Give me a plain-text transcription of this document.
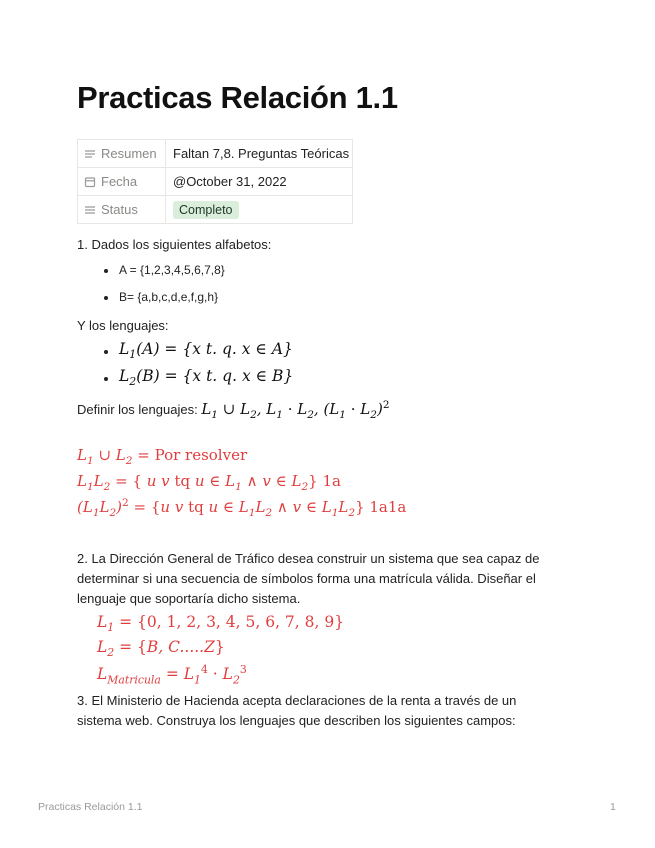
Practicas Relación 1.1
Resumen	Faltan 7,8. Preguntas Teóricas

Fecha	@October 31, 2022

Status	Completo
1. Dados los siguientes alfabetos:
A = {1,2,3,4,5,6,7,8}
B= {a,b,c,d,e,f,g,h}
Y los lenguajes:
$L_1(A) = \{x$ t. q. x ∈ A}
$L_2(B) = \{x$ t. q. x ∈ B}
Definir los lenguajes: $L_1$ ∪ $L_2$, $L_1 \cdot L_2$, $(L_1 \cdot L_2)^2$
$L_1$ ∪ $L_2$ = Por resolver
$L_1L_2$ = { u v tq u ∈ $L_1$ ∧ v ∈ $L_2$} 1a
$(L_1L_2)^2 = \{u$ v tq u ∈ $L_1L_2$ ∧ v ∈ $L_1L_2$} 1a1a
2. La Dirección General de Tráfico desea construir un sistema que sea capaz de determinar si una secuencia de símbolos forma una matrícula válida. Diseñar el lenguaje que soportaría dicho sistema.
$L_1 = \{0$, 1, 2, 3, 4, 5, 6, 7, 8, 9}
$L_2 = \{B$, C.....Z}
$L_{Matricula} = L_1^4 \cdot L_2^3$
3. El Ministerio de Hacienda acepta declaraciones de la renta a través de un sistema web. Construya los lenguajes que describen los siguientes campos:
Practicas Relación 1.1	1
